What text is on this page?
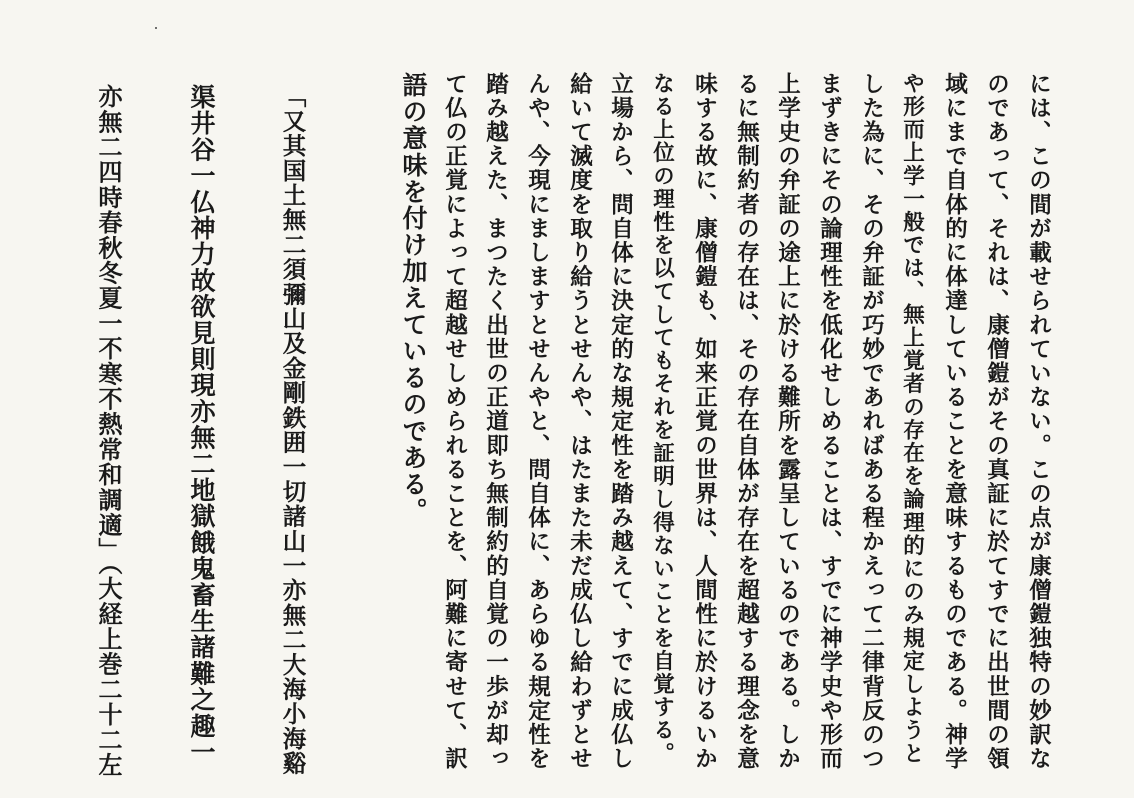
には、この間が載せられていない。この点が康僧鎧独特の妙訳な
のであって、それは、康僧鎧がその真証に於てすでに出世間の領
域にまで自体的に体達していることを意味するものである。神学
や形而上学一般では、無上覚者の存在を論理的にのみ規定しようと
した為に、その弁証が巧妙であればある程かえって二律背反のつ
まずきにその論理性を低化せしめることは、すでに神学史や形而
上学史の弁証の途上に於ける難所を露呈しているのである。しか
るに無制約者の存在は、その存在自体が存在を超越する理念を意
味する故に、康僧鎧も、如来正覚の世界は、人間性に於けるいか
なる上位の理性を以てしてもそれを証明し得ないことを自覚する。
立場から、問自体に決定的な規定性を踏み越えて、すでに成仏し
給いて滅度を取り給うとせんや、はたまた未だ成仏し給わずとせ
んや、今現にましますとせんやと、問自体に、あらゆる規定性を
踏み越えた、まつたく出世の正道即ち無制約的自覚の一歩が却っ
て仏の正覚によって超越せしめられることを、阿難に寄せて、訳
語の意味を付け加えているのである。
「又其国土無二須彌山及金剛鉄囲一切諸山一亦無二大海小海谿
渠井谷一仏神力故欲見則現亦無二地獄餓鬼畜生諸難之趣一
亦無二四時春秋冬夏一不寒不熱常和調適」（大経上巻二十二左
